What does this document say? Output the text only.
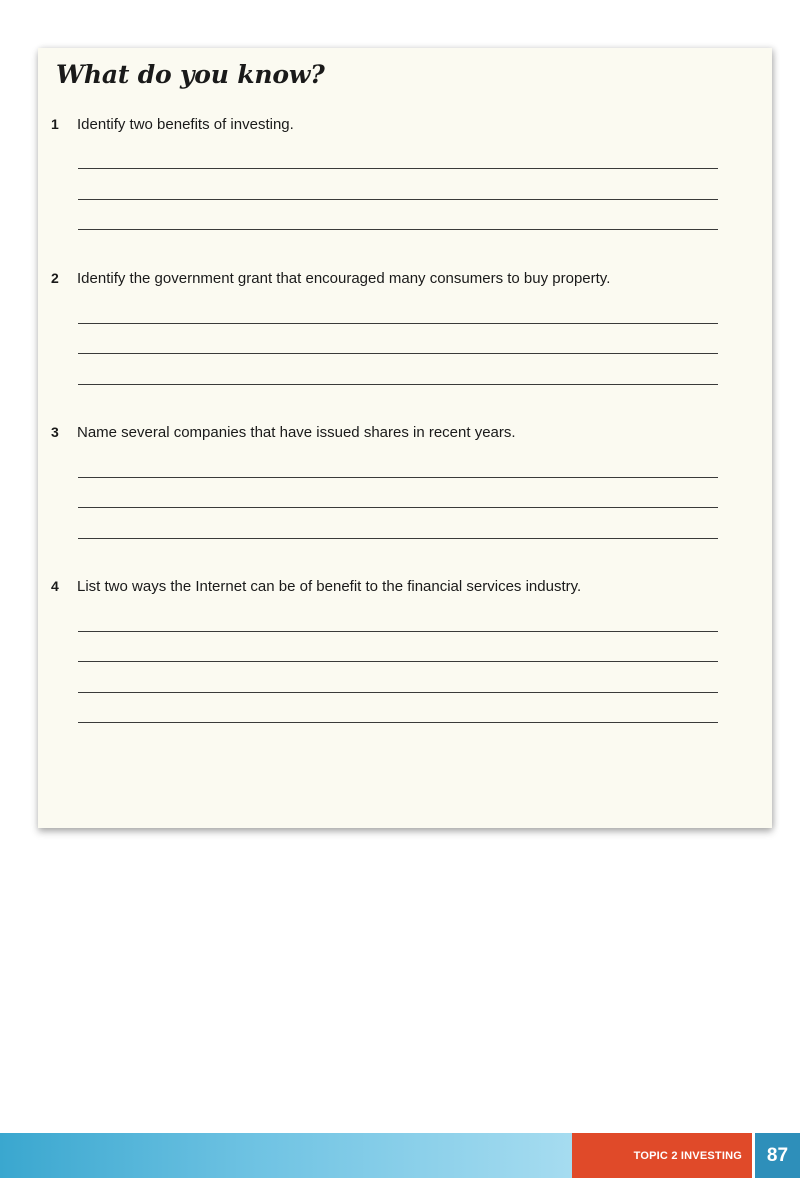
What do you know?
1 Identify two benefits of investing.
2 Identify the government grant that encouraged many consumers to buy property.
3 Name several companies that have issued shares in recent years.
4 List two ways the Internet can be of benefit to the financial services industry.
TOPIC 2 INVESTING	87
